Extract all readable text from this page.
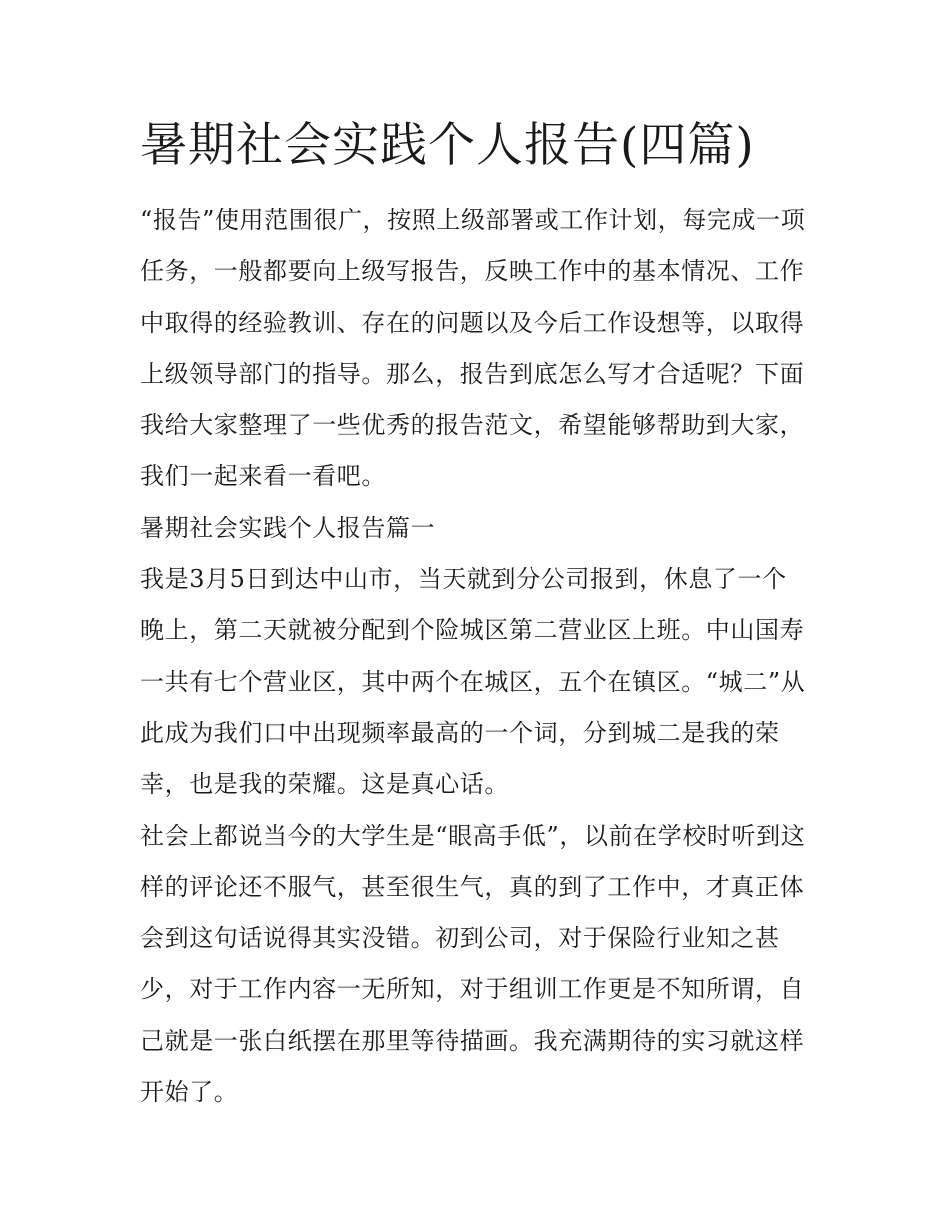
暑期社会实践个人报告(四篇)
“报告”使用范围很广，按照上级部署或工作计划，每完成一项
任务，一般都要向上级写报告，反映工作中的基本情况、工作
中取得的经验教训、存在的问题以及今后工作设想等，以取得
上级领导部门的指导。那么，报告到底怎么写才合适呢？下面
我给大家整理了一些优秀的报告范文，希望能够帮助到大家，
我们一起来看一看吧。
暑期社会实践个人报告篇一
我是3月5日到达中山市，当天就到分公司报到，休息了一个
晚上，第二天就被分配到个险城区第二营业区上班。中山国寿
一共有七个营业区，其中两个在城区，五个在镇区。“城二”从
此成为我们口中出现频率最高的一个词，分到城二是我的荣
幸，也是我的荣耀。这是真心话。
社会上都说当今的大学生是“眼高手低”，以前在学校时听到这
样的评论还不服气，甚至很生气，真的到了工作中，才真正体
会到这句话说得其实没错。初到公司，对于保险行业知之甚
少，对于工作内容一无所知，对于组训工作更是不知所谓，自
己就是一张白纸摆在那里等待描画。我充满期待的实习就这样
开始了。
